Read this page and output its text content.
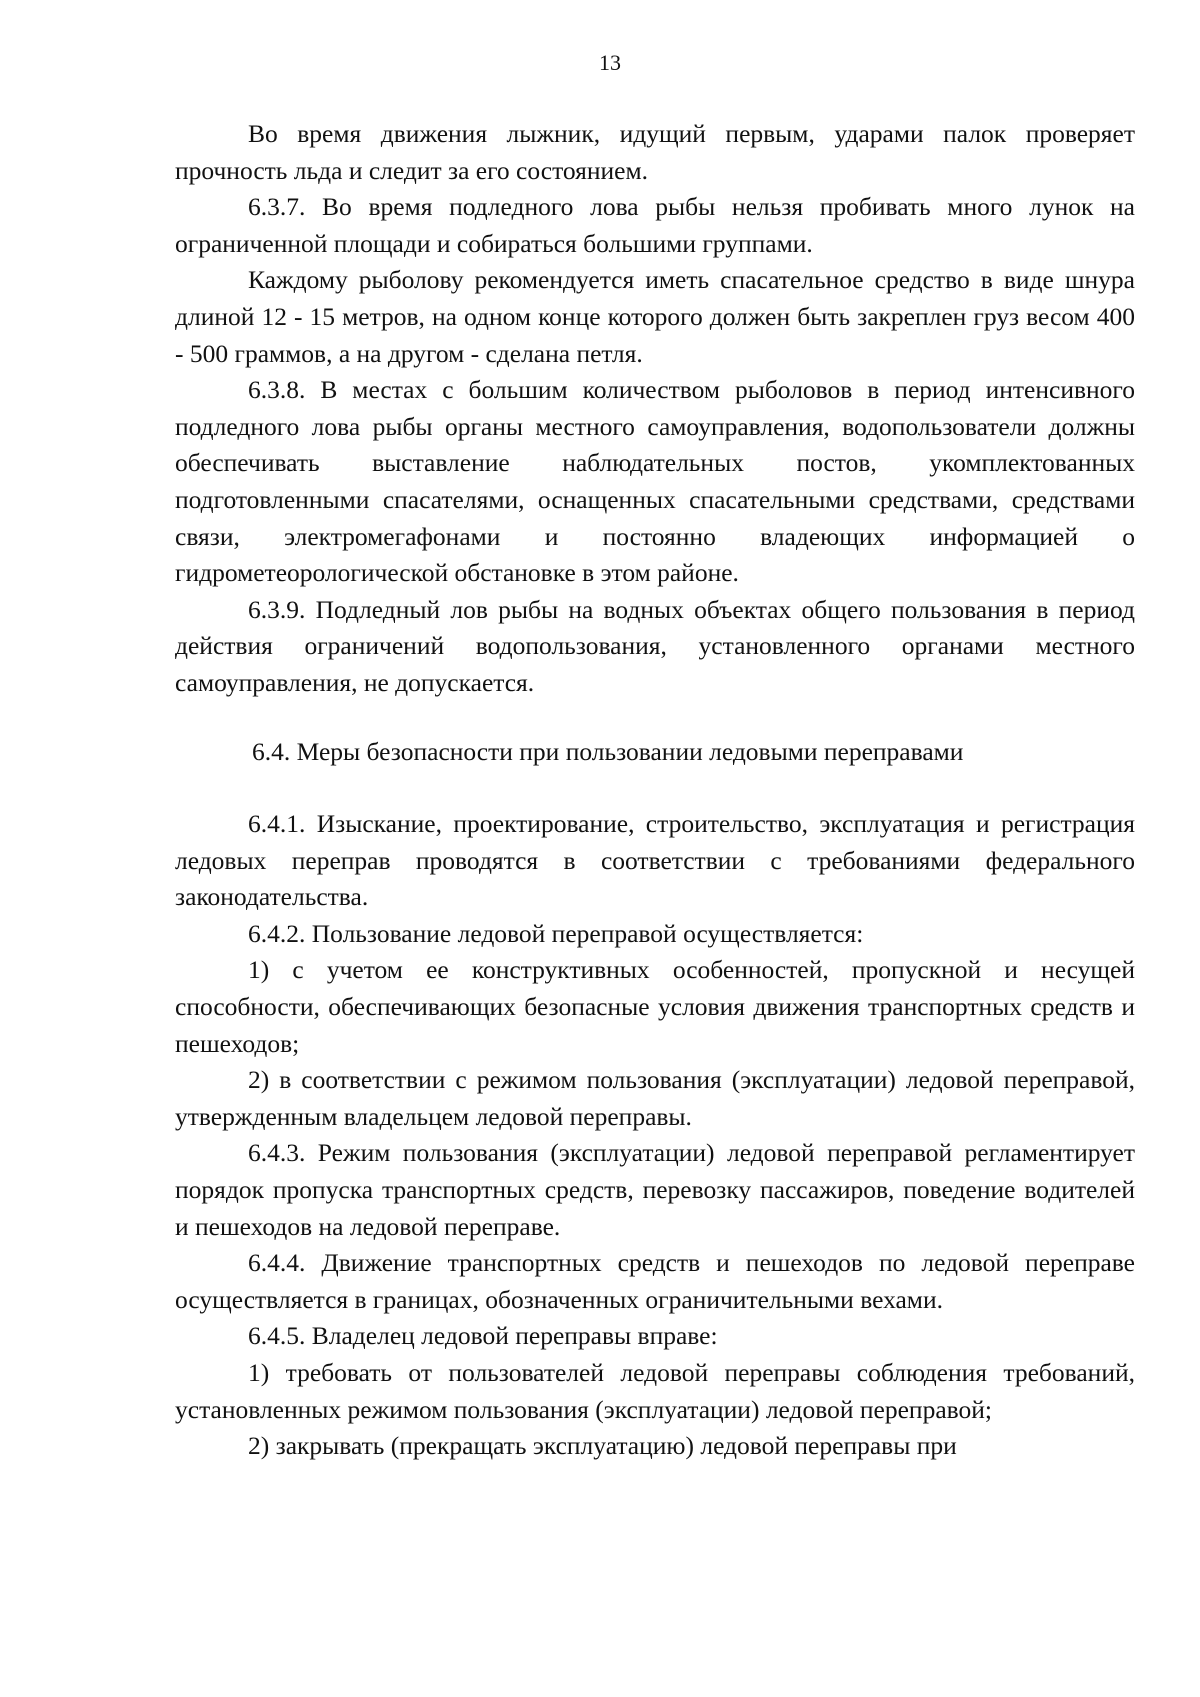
13

Во время движения лыжник, идущий первым, ударами палок проверяет прочность льда и следит за его состоянием.

6.3.7. Во время подледного лова рыбы нельзя пробивать много лунок на ограниченной площади и собираться большими группами.

Каждому рыболову рекомендуется иметь спасательное средство в виде шнура длиной 12 - 15 метров, на одном конце которого должен быть закреплен груз весом 400 - 500 граммов, а на другом - сделана петля.

6.3.8. В местах с большим количеством рыболовов в период интенсивного подледного лова рыбы органы местного самоуправления, водопользователи должны обеспечивать выставление наблюдательных постов, укомплектованных подготовленными спасателями, оснащенных спасательными средствами, средствами связи, электромегафонами и постоянно владеющих информацией о гидрометеорологической обстановке в этом районе.

6.3.9. Подледный лов рыбы на водных объектах общего пользования в период действия ограничений водопользования, установленного органами местного самоуправления, не допускается.

6.4. Меры безопасности при пользовании ледовыми переправами

6.4.1. Изыскание, проектирование, строительство, эксплуатация и регистрация ледовых переправ проводятся в соответствии с требованиями федерального законодательства.

6.4.2. Пользование ледовой переправой осуществляется:

1) с учетом ее конструктивных особенностей, пропускной и несущей способности, обеспечивающих безопасные условия движения транспортных средств и пешеходов;

2) в соответствии с режимом пользования (эксплуатации) ледовой переправой, утвержденным владельцем ледовой переправы.

6.4.3. Режим пользования (эксплуатации) ледовой переправой регламентирует порядок пропуска транспортных средств, перевозку пассажиров, поведение водителей и пешеходов на ледовой переправе.

6.4.4. Движение транспортных средств и пешеходов по ледовой переправе осуществляется в границах, обозначенных ограничительными вехами.

6.4.5. Владелец ледовой переправы вправе:

1) требовать от пользователей ледовой переправы соблюдения требований, установленных режимом пользования (эксплуатации) ледовой переправой;

2) закрывать (прекращать эксплуатацию) ледовой переправы при
